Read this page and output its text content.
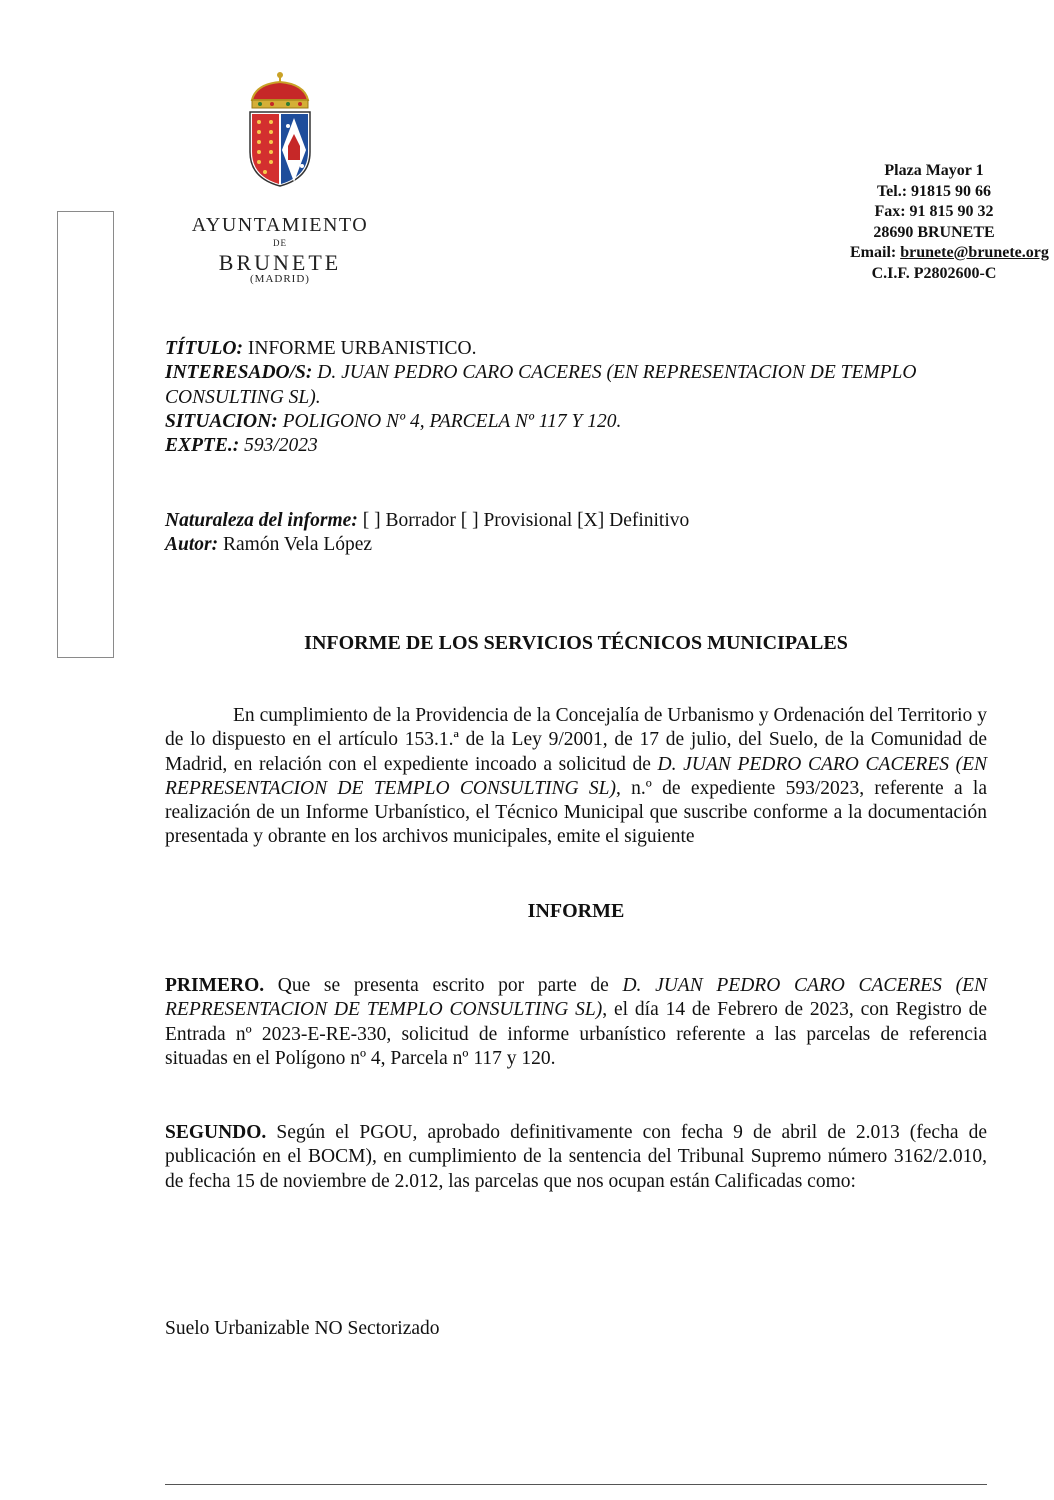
AYUNTAMIENTO
DE
BRUNETE
(MADRID)
Plaza Mayor 1
Tel.: 91815 90 66
Fax: 91 815 90 32
28690 BRUNETE
Email: brunete@brunete.org
C.I.F. P2802600-C
TÍTULO: INFORME URBANISTICO.
INTERESADO/S: D. JUAN PEDRO CARO CACERES (EN REPRESENTACION DE TEMPLO CONSULTING SL).
SITUACION: POLIGONO Nº 4, PARCELA Nº 117 Y 120.
EXPTE.: 593/2023
Naturaleza del informe: [ ] Borrador [ ] Provisional [X] Definitivo
Autor: Ramón Vela López
INFORME DE LOS SERVICIOS TÉCNICOS MUNICIPALES
En cumplimiento de la Providencia de la Concejalía de Urbanismo y Ordenación del Territorio y de lo dispuesto en el artículo 153.1.ª de la Ley 9/2001, de 17 de julio, del Suelo, de la Comunidad de Madrid, en relación con el expediente incoado a solicitud de D. JUAN PEDRO CARO CACERES (EN REPRESENTACION DE TEMPLO CONSULTING SL), n.º de expediente 593/2023, referente a la realización de un Informe Urbanístico, el Técnico Municipal que suscribe conforme a la documentación presentada y obrante en los archivos municipales, emite el siguiente
INFORME
PRIMERO. Que se presenta escrito por parte de D. JUAN PEDRO CARO CACERES (EN REPRESENTACION DE TEMPLO CONSULTING SL), el día 14 de Febrero de 2023, con Registro de Entrada nº 2023-E-RE-330, solicitud de informe urbanístico referente a las parcelas de referencia situadas en el Polígono nº 4, Parcela nº 117 y 120.
SEGUNDO. Según el PGOU, aprobado definitivamente con fecha 9 de abril de 2.013 (fecha de publicación en el BOCM), en cumplimiento de la sentencia del Tribunal Supremo número 3162/2.010, de fecha 15 de noviembre de 2.012, las parcelas que nos ocupan están Calificadas como:
Suelo Urbanizable NO Sectorizado
